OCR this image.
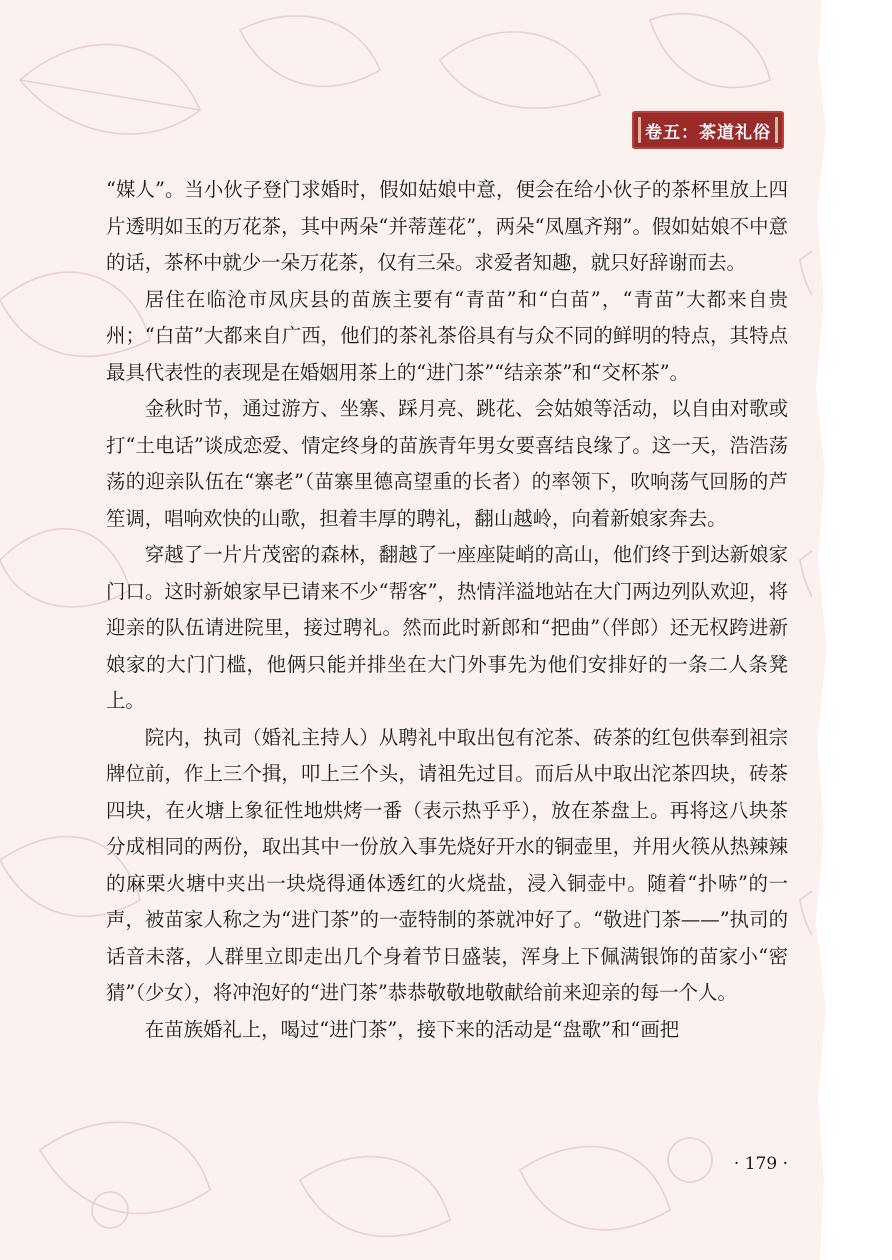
卷五：茶道礼俗

“媒人”。当小伙子登门求婚时，假如姑娘中意，便会在给小伙子的茶杯里放上四片透明如玉的万花茶，其中两朵“并蒂莲花”，两朵“凤凰齐翔”。假如姑娘不中意的话，茶杯中就少一朵万花茶，仅有三朵。求爱者知趣，就只好辞谢而去。

居住在临沧市凤庆县的苗族主要有“青苗”和“白苗”，“青苗”大都来自贵州；“白苗”大都来自广西，他们的茶礼茶俗具有与众不同的鲜明的特点，其特点最具代表性的表现是在婚姻用茶上的“进门茶”“结亲茶”和“交杯茶”。

金秋时节，通过游方、坐寨、踩月亮、跳花、会姑娘等活动，以自由对歌或打“土电话”谈成恋爱、情定终身的苗族青年男女要喜结良缘了。这一天，浩浩荡荡的迎亲队伍在“寨老”（苗寨里德高望重的长者）的率领下，吹响荡气回肠的芦笙调，唱响欢快的山歌，担着丰厚的聘礼，翻山越岭，向着新娘家奔去。

穿越了一片片茂密的森林，翻越了一座座陡峭的高山，他们终于到达新娘家门口。这时新娘家早已请来不少“帮客”，热情洋溢地站在大门两边列队欢迎，将迎亲的队伍请进院里，接过聘礼。然而此时新郎和“把曲”（伴郎）还无权跨进新娘家的大门门槛，他俩只能并排坐在大门外事先为他们安排好的一条二人条凳上。

院内，执司（婚礼主持人）从聘礼中取出包有沱茶、砖茶的红包供奉到祖宗牌位前，作上三个揖，叩上三个头，请祖先过目。而后从中取出沱茶四块，砖茶四块，在火塘上象征性地烘烤一番（表示热乎乎），放在茶盘上。再将这八块茶分成相同的两份，取出其中一份放入事先烧好开水的铜壶里，并用火筷从热辣辣的麻栗火塘中夹出一块烧得通体透红的火烧盐，浸入铜壶中。随着“扑哧”的一声，被苗家人称之为“进门茶”的一壶特制的茶就冲好了。“敬进门茶——”执司的话音未落，人群里立即走出几个身着节日盛装，浑身上下佩满银饰的苗家小“密猜”（少女），将冲泡好的“进门茶”恭恭敬敬地敬献给前来迎亲的每一个人。

在苗族婚礼上，喝过“进门茶”，接下来的活动是“盘歌”和“画把

· 179 ·
